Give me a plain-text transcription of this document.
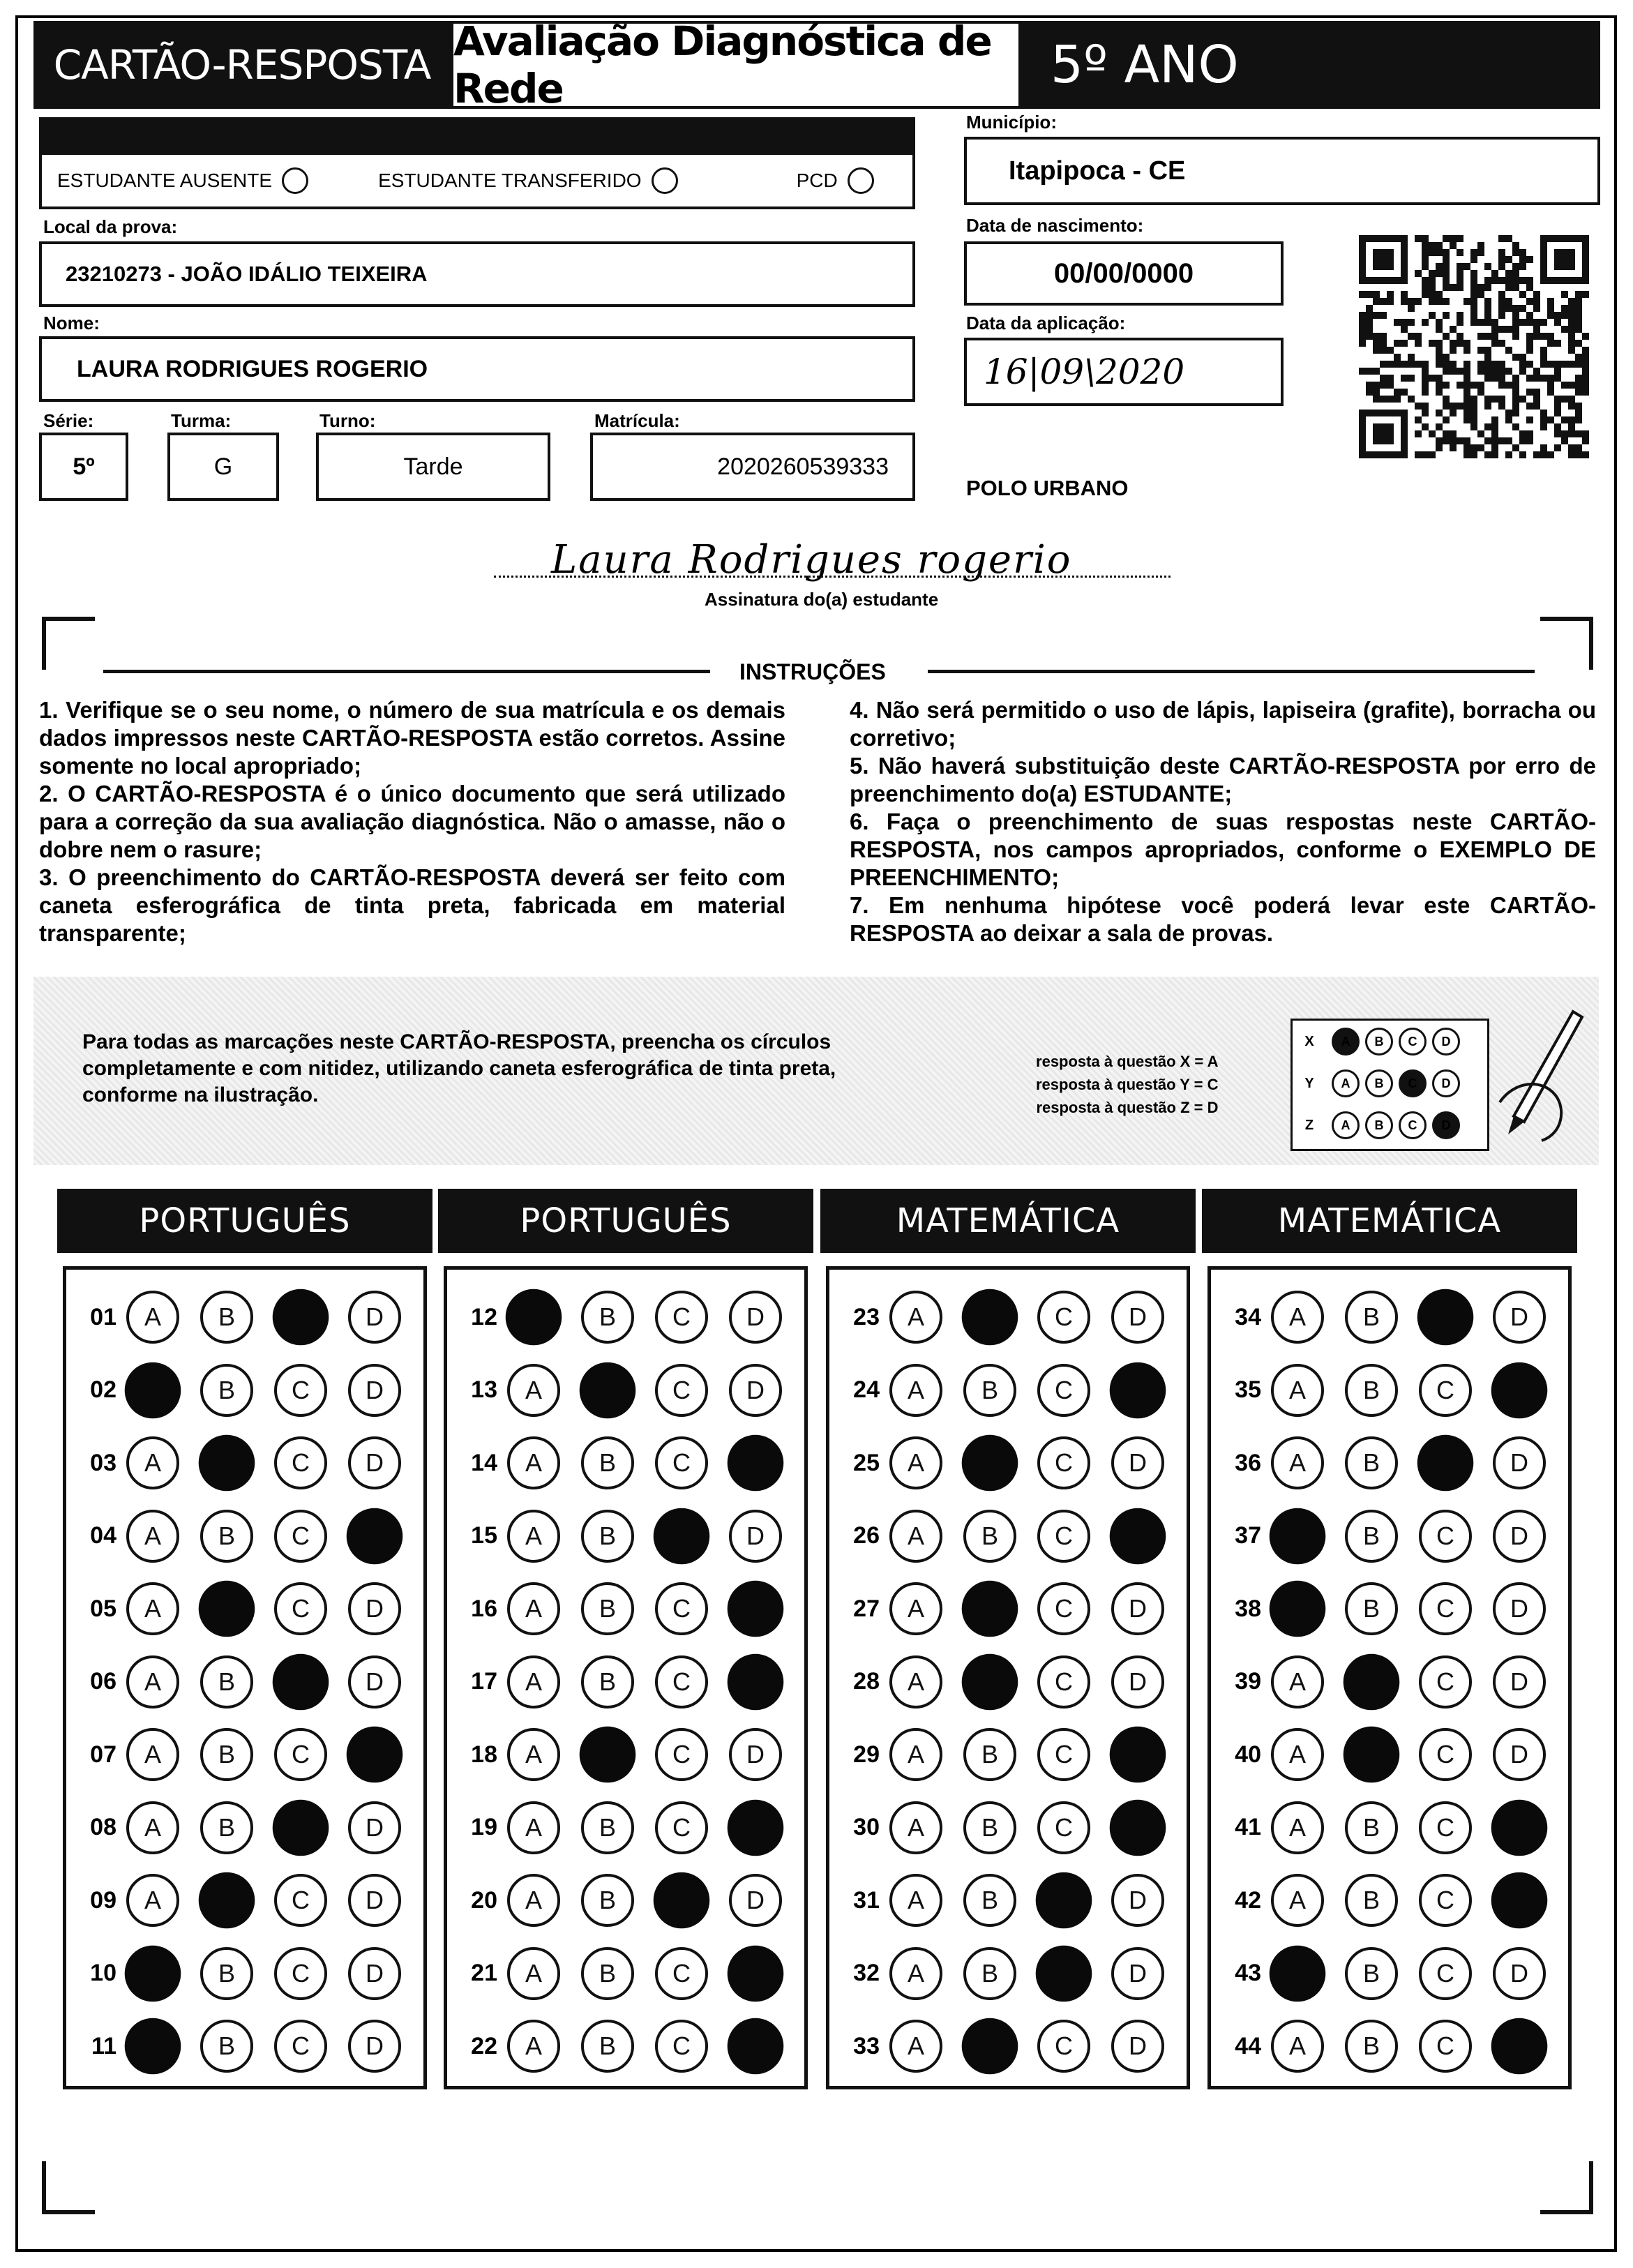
CARTÃO-RESPOSTA Avaliação Diagnóstica de Rede	5º ANO
ESTUDANTE AUSENTE	ESTUDANTE TRANSFERIDO	PCD
Local da prova:
23210273 - JOÃO IDÁLIO TEIXEIRA
Nome:
LAURA RODRIGUES ROGERIO
Série:
5º
Turma:
G
Turno:
Tarde
Matrícula:
2020260539333
Município:
Itapipoca - CE
Data de nascimento:
00/00/0000
Data da aplicação:
16|09\2020
POLO URBANO
Laura Rodrigues rogerio
Assinatura do(a) estudante
INSTRUÇÕES
1. Verifique se o seu nome, o número de sua matrícula e os demais dados impressos neste CARTÃO-RESPOSTA estão corretos. Assine somente no local apropriado;
2. O CARTÃO-RESPOSTA é o único documento que será utilizado para a correção da sua avaliação diagnóstica. Não o amasse, não o dobre nem o rasure;
3. O preenchimento do CARTÃO-RESPOSTA deverá ser feito com caneta esferográfica de tinta preta, fabricada em material transparente;
4. Não será permitido o uso de lápis, lapiseira (grafite), borracha ou corretivo;
5. Não haverá substituição deste CARTÃO-RESPOSTA por erro de preenchimento do(a) ESTUDANTE;
6. Faça o preenchimento de suas respostas neste CARTÃO-RESPOSTA, nos campos apropriados, conforme o EXEMPLO DE PREENCHIMENTO;
7. Em nenhuma hipótese você poderá levar este CARTÃO-RESPOSTA ao deixar a sala de provas.
Para todas as marcações neste CARTÃO-RESPOSTA, preencha os círculos completamente e com nitidez, utilizando caneta esferográfica de tinta preta, conforme na ilustração.
resposta à questão X = A
resposta à questão Y = C
resposta à questão Z = D
X	A	B	C	D
Y	A	B	C	D
Z	A	B	C	D
PORTUGUÊS
01	A	B	C	D
02	A	B	C	D
03	A	B	C	D
04	A	B	C	D
05	A	B	C	D
06	A	B	C	D
07	A	B	C	D
08	A	B	C	D
09	A	B	C	D
10	A	B	C	D
11	A	B	C	D
PORTUGUÊS
12	A	B	C	D
13	A	B	C	D
14	A	B	C	D
15	A	B	C	D
16	A	B	C	D
17	A	B	C	D
18	A	B	C	D
19	A	B	C	D
20	A	B	C	D
21	A	B	C	D
22	A	B	C	D
MATEMÁTICA
23	A	B	C	D
24	A	B	C	D
25	A	B	C	D
26	A	B	C	D
27	A	B	C	D
28	A	B	C	D
29	A	B	C	D
30	A	B	C	D
31	A	B	C	D
32	A	B	C	D
33	A	B	C	D
MATEMÁTICA
34	A	B	C	D
35	A	B	C	D
36	A	B	C	D
37	A	B	C	D
38	A	B	C	D
39	A	B	C	D
40	A	B	C	D
41	A	B	C	D
42	A	B	C	D
43	A	B	C	D
44	A	B	C	D
